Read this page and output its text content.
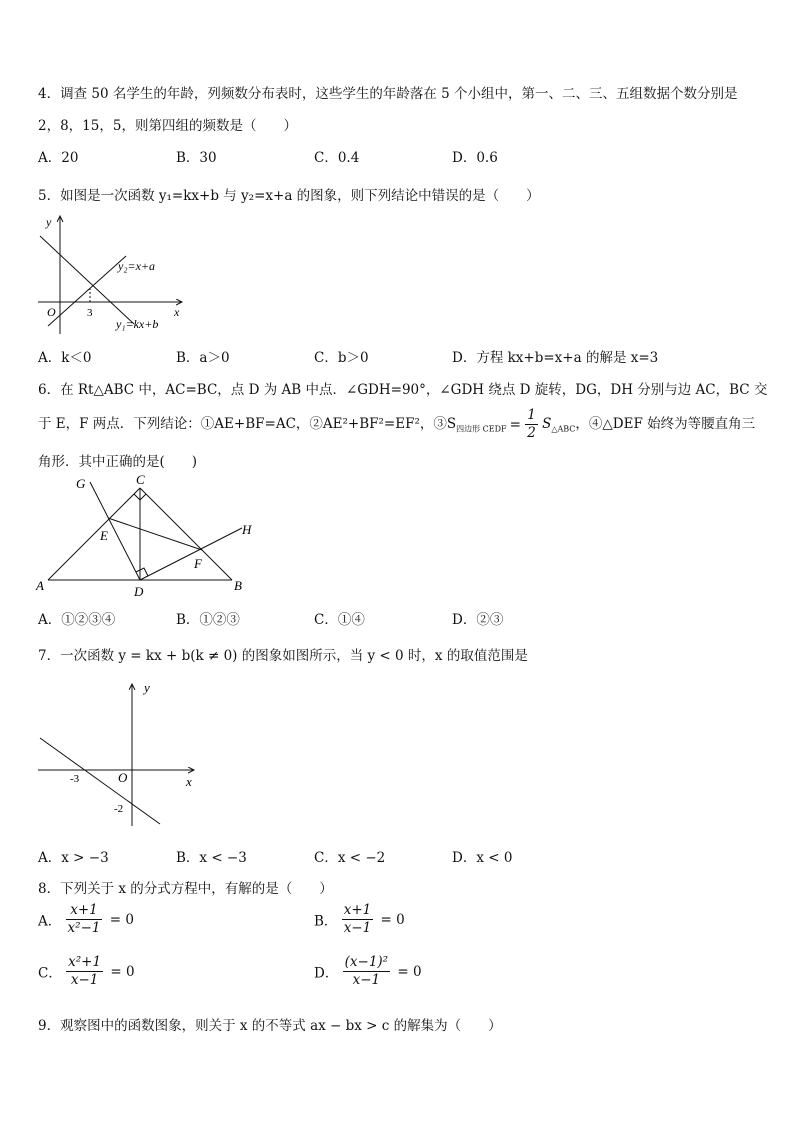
4．调查 50 名学生的年龄，列频数分布表时，这些学生的年龄落在 5 个小组中，第一、二、三、五组数据个数分别是
2，8，15，5，则第四组的频数是（　　）
A．20	B．30	C．0.4	D．0.6
5．如图是一次函数 y₁=kx+b 与 y₂=x+a 的图象，则下列结论中错误的是（　　）
y
x
O	3
y₂=x+a
y₁=kx+b
A．k＜0	B．a＞0	C．b＞0	D．方程 kx+b=x+a 的解是 x=3
6．在 Rt△ABC 中，AC=BC，点 D 为 AB 中点．∠GDH=90°，∠GDH 绕点 D 旋转，DG，DH 分别与边 AC，BC 交
于 E，F 两点．下列结论：①AE+BF=AC，②AE²+BF²=EF²，$③S_{四边形 CEDF} = \frac{1}{2} S_{\triangle ABC}$，④△DEF 始终为等腰直角三
角形．其中正确的是(　　)
G	C
H
E
F
A	D	B
A．①②③④	B．①②③	C．①④	D．②③
7．一次函数 y = kx + b(k ≠ 0) 的图象如图所示，当 y < 0 时，x 的取值范围是
y
x
O
-3
-2
A．x > −3	B．x < −3	C．x < −2	D．x < 0
8．下列关于 x 的分式方程中，有解的是（　　）
A． $\frac{x+1}{\text{x²−1}} = 0$	B． $\frac{x+1}{x-1} = 0$
C． $\frac{\text{x²+1}}{x-1} = 0$	D． $\frac{\text{(x−1)²}}{x-1} = 0$
9．观察图中的函数图象，则关于 x 的不等式 ax − bx > c 的解集为（　　）
